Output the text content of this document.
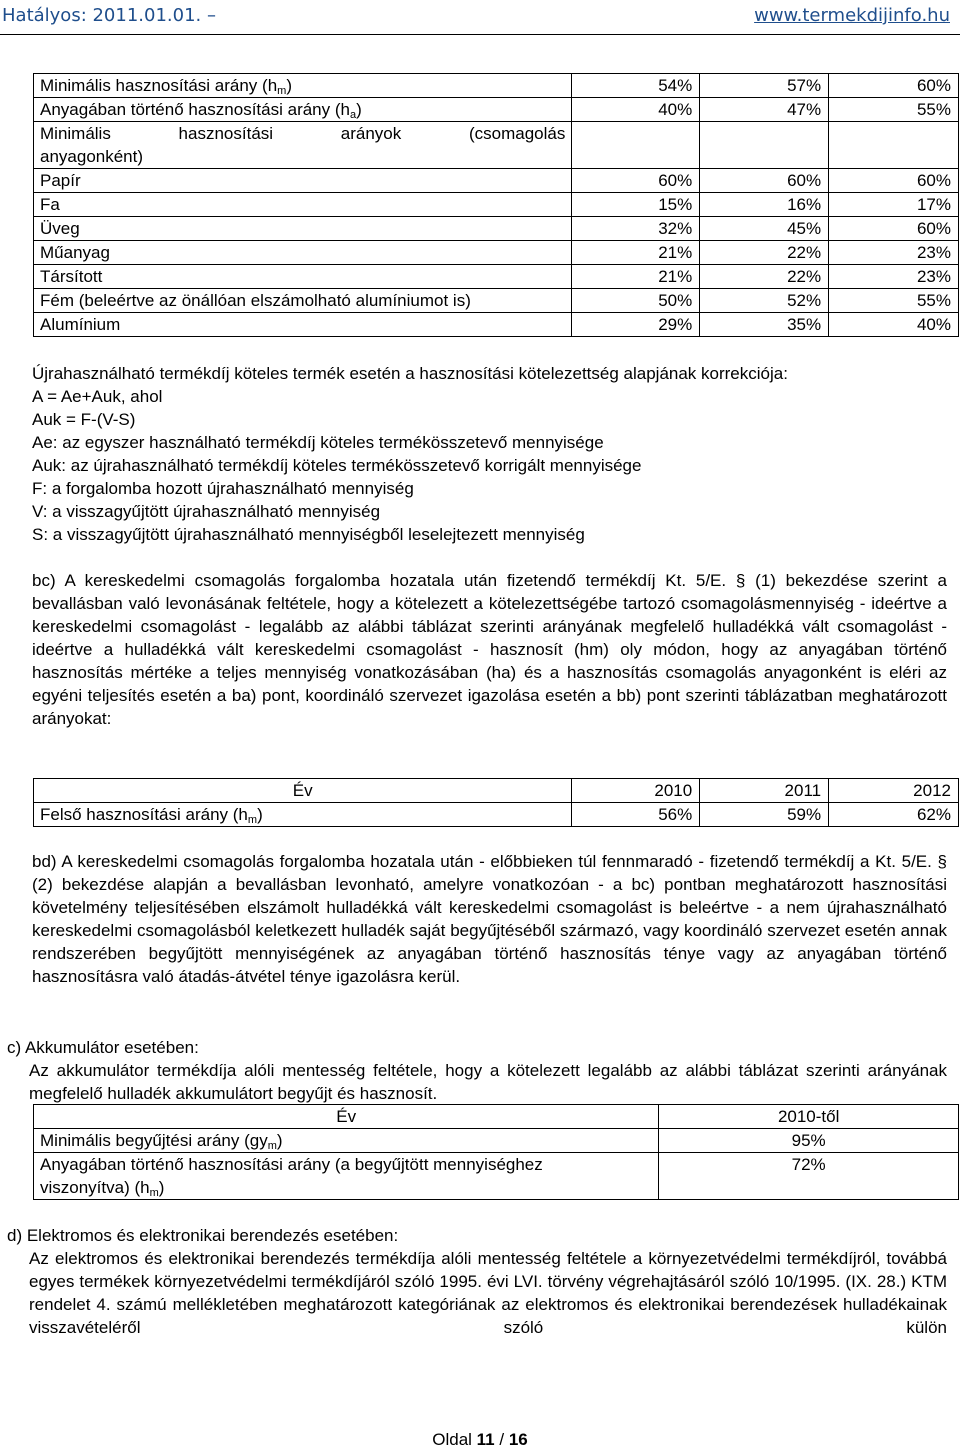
Hatályos: 2011.01.01. –	www.termekdijinfo.hu
Minimális hasznosítási arány $(h_m)$	54%	57%	60%
Anyagában történő hasznosítási arány $(h_a)$	40%	47%	55%

Minimális hasznosítási arányok (csomagolás
anyagonként)			

Papír	60%	60%	60%
Fa	15%	16%	17%
Üveg	32%	45%	60%
Műanyag	21%	22%	23%
Társított	21%	22%	23%
Fém (beleértve az önállóan elszámolható alumíniumot is)	50%	52%	55%
Alumínium	29%	35%	40%

Újrahasználható termékdíj köteles termék esetén a hasznosítási kötelezettség alapjának korrekciója:

A = Ae+Auk, ahol

Auk = F-(V-S)

Ae: az egyszer használható termékdíj köteles termékösszetevő mennyisége

Auk: az újrahasználható termékdíj köteles termékösszetevő korrigált mennyisége

F: a forgalomba hozott újrahasználható mennyiség

V: a visszagyűjtött újrahasználható mennyiség

S: a visszagyűjtött újrahasználható mennyiségből leselejtezett mennyiség

bc) A kereskedelmi csomagolás forgalomba hozatala után fizetendő termékdíj Kt. 5/E. § (1) bekezdése szerint a bevallásban való levonásának feltétele, hogy a kötelezett a kötelezettségébe tartozó csomagolásmennyiség - ideértve a kereskedelmi csomagolást - legalább az alábbi táblázat szerinti arányának megfelelő hulladékká vált csomagolást - ideértve a hulladékká vált kereskedelmi csomagolást - hasznosít (hm) oly módon, hogy az anyagában történő hasznosítás mértéke a teljes mennyiség vonatkozásában (ha) és a hasznosítás csomagolás anyagonként is eléri az egyéni teljesítés esetén a ba) pont, koordináló szervezet igazolása esetén a bb) pont szerinti táblázatban meghatározott arányokat:

Év	2010	2011	2012
Felső hasznosítási arány $(h_m)$	56%	59%	62%

bd) A kereskedelmi csomagolás forgalomba hozatala után - előbbieken túl fennmaradó - fizetendő termékdíj a Kt. 5/E. § (2) bekezdése alapján a bevallásban levonható, amelyre vonatkozóan - a bc) pontban meghatározott hasznosítási követelmény teljesítésében elszámolt hulladékká vált kereskedelmi csomagolást is beleértve - a nem újrahasználható kereskedelmi csomagolásból keletkezett hulladék saját begyűjtéséből származó, vagy koordináló szervezet esetén annak rendszerében begyűjtött mennyiségének az anyagában történő hasznosítás ténye vagy az anyagában történő hasznosításra való átadás-átvétel ténye igazolásra kerül.

c) Akkumulátor esetében:

Az akkumulátor termékdíja alóli mentesség feltétele, hogy a kötelezett legalább az alábbi táblázat szerinti arányának megfelelő hulladék akkumulátort begyűjt és hasznosít.

Év	2010-től
Minimális begyűjtési arány $(gy_m)$	95%

Anyagában történő hasznosítási arány (a begyűjtött mennyiséghez
viszonyítva) $(h_m)$	72%

d) Elektromos és elektronikai berendezés esetében:

Az elektromos és elektronikai berendezés termékdíja alóli mentesség feltétele a környezetvédelmi termékdíjról, továbbá egyes termékek környezetvédelmi termékdíjáról szóló 1995. évi LVI. törvény végrehajtásáról szóló 10/1995. (IX. 28.) KTM rendelet 4. számú mellékletében meghatározott kategóriának az elektromos és elektronikai berendezések hulladékainak visszavételéről szóló külön

Oldal 11 / 16
